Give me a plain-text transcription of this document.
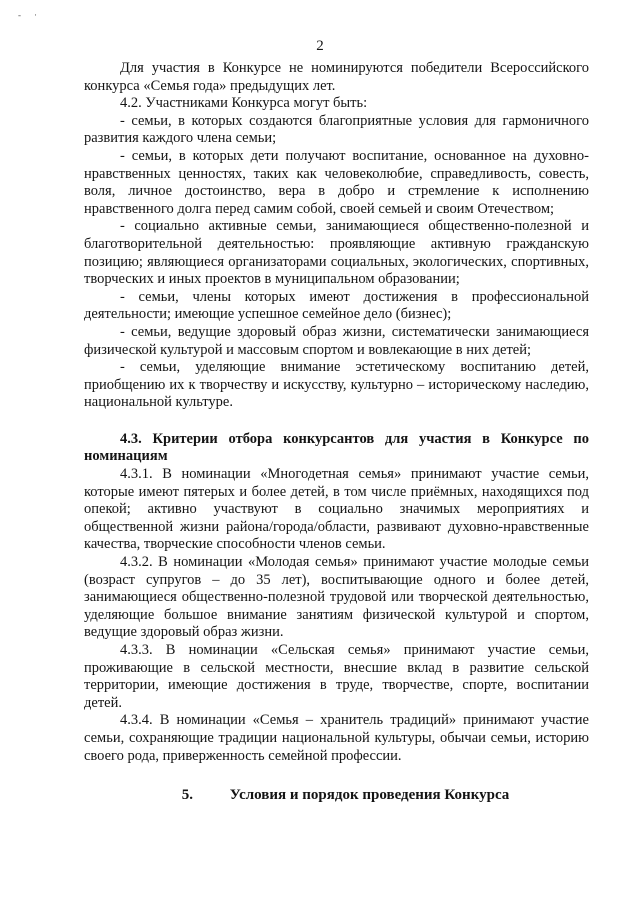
- ·
2

Для участия в Конкурсе не номинируются победители Всероссийского конкурса «Семья года» предыдущих лет.

4.2. Участниками Конкурса могут быть:

- семьи, в которых создаются благоприятные условия для гармоничного развития каждого члена семьи;

- семьи, в которых дети получают воспитание, основанное на духовно-нравственных ценностях, таких как человеколюбие, справедливость, совесть, воля, личное достоинство, вера в добро и стремление к исполнению нравственного долга перед самим собой, своей семьей и своим Отечеством;

- социально активные семьи, занимающиеся общественно-полезной и благотворительной деятельностью: проявляющие активную гражданскую позицию; являющиеся организаторами социальных, экологических, спортивных, творческих и иных проектов в муниципальном образовании;

- семьи, члены которых имеют достижения в профессиональной деятельности; имеющие успешное семейное дело (бизнес);

- семьи, ведущие здоровый образ жизни, систематически занимающиеся физической культурой и массовым спортом и вовлекающие в них детей;

- семьи, уделяющие внимание эстетическому воспитанию детей, приобщению их к творчеству и искусству, культурно – историческому наследию, национальной культуре.

4.3. Критерии отбора конкурсантов для участия в Конкурсе по номинациям

4.3.1. В номинации «Многодетная семья» принимают участие семьи, которые имеют пятерых и более детей, в том числе приёмных, находящихся под опекой; активно участвуют в социально значимых мероприятиях и общественной жизни района/города/области, развивают духовно-нравственные качества, творческие способности членов семьи.

4.3.2. В номинации «Молодая семья» принимают участие молодые семьи (возраст супругов – до 35 лет), воспитывающие одного и более детей, занимающиеся общественно-полезной трудовой или творческой деятельностью, уделяющие большое внимание занятиям физической культурой и спортом, ведущие здоровый образ жизни.

4.3.3. В номинации «Сельская семья» принимают участие семьи, проживающие в сельской местности, внесшие вклад в развитие сельской территории, имеющие достижения в труде, творчестве, спорте, воспитании детей.

4.3.4. В номинации «Семья – хранитель традиций» принимают участие семьи, сохраняющие традиции национальной культуры, обычаи семьи, историю своего рода, приверженность семейной профессии.

5. Условия и порядок проведения Конкурса
